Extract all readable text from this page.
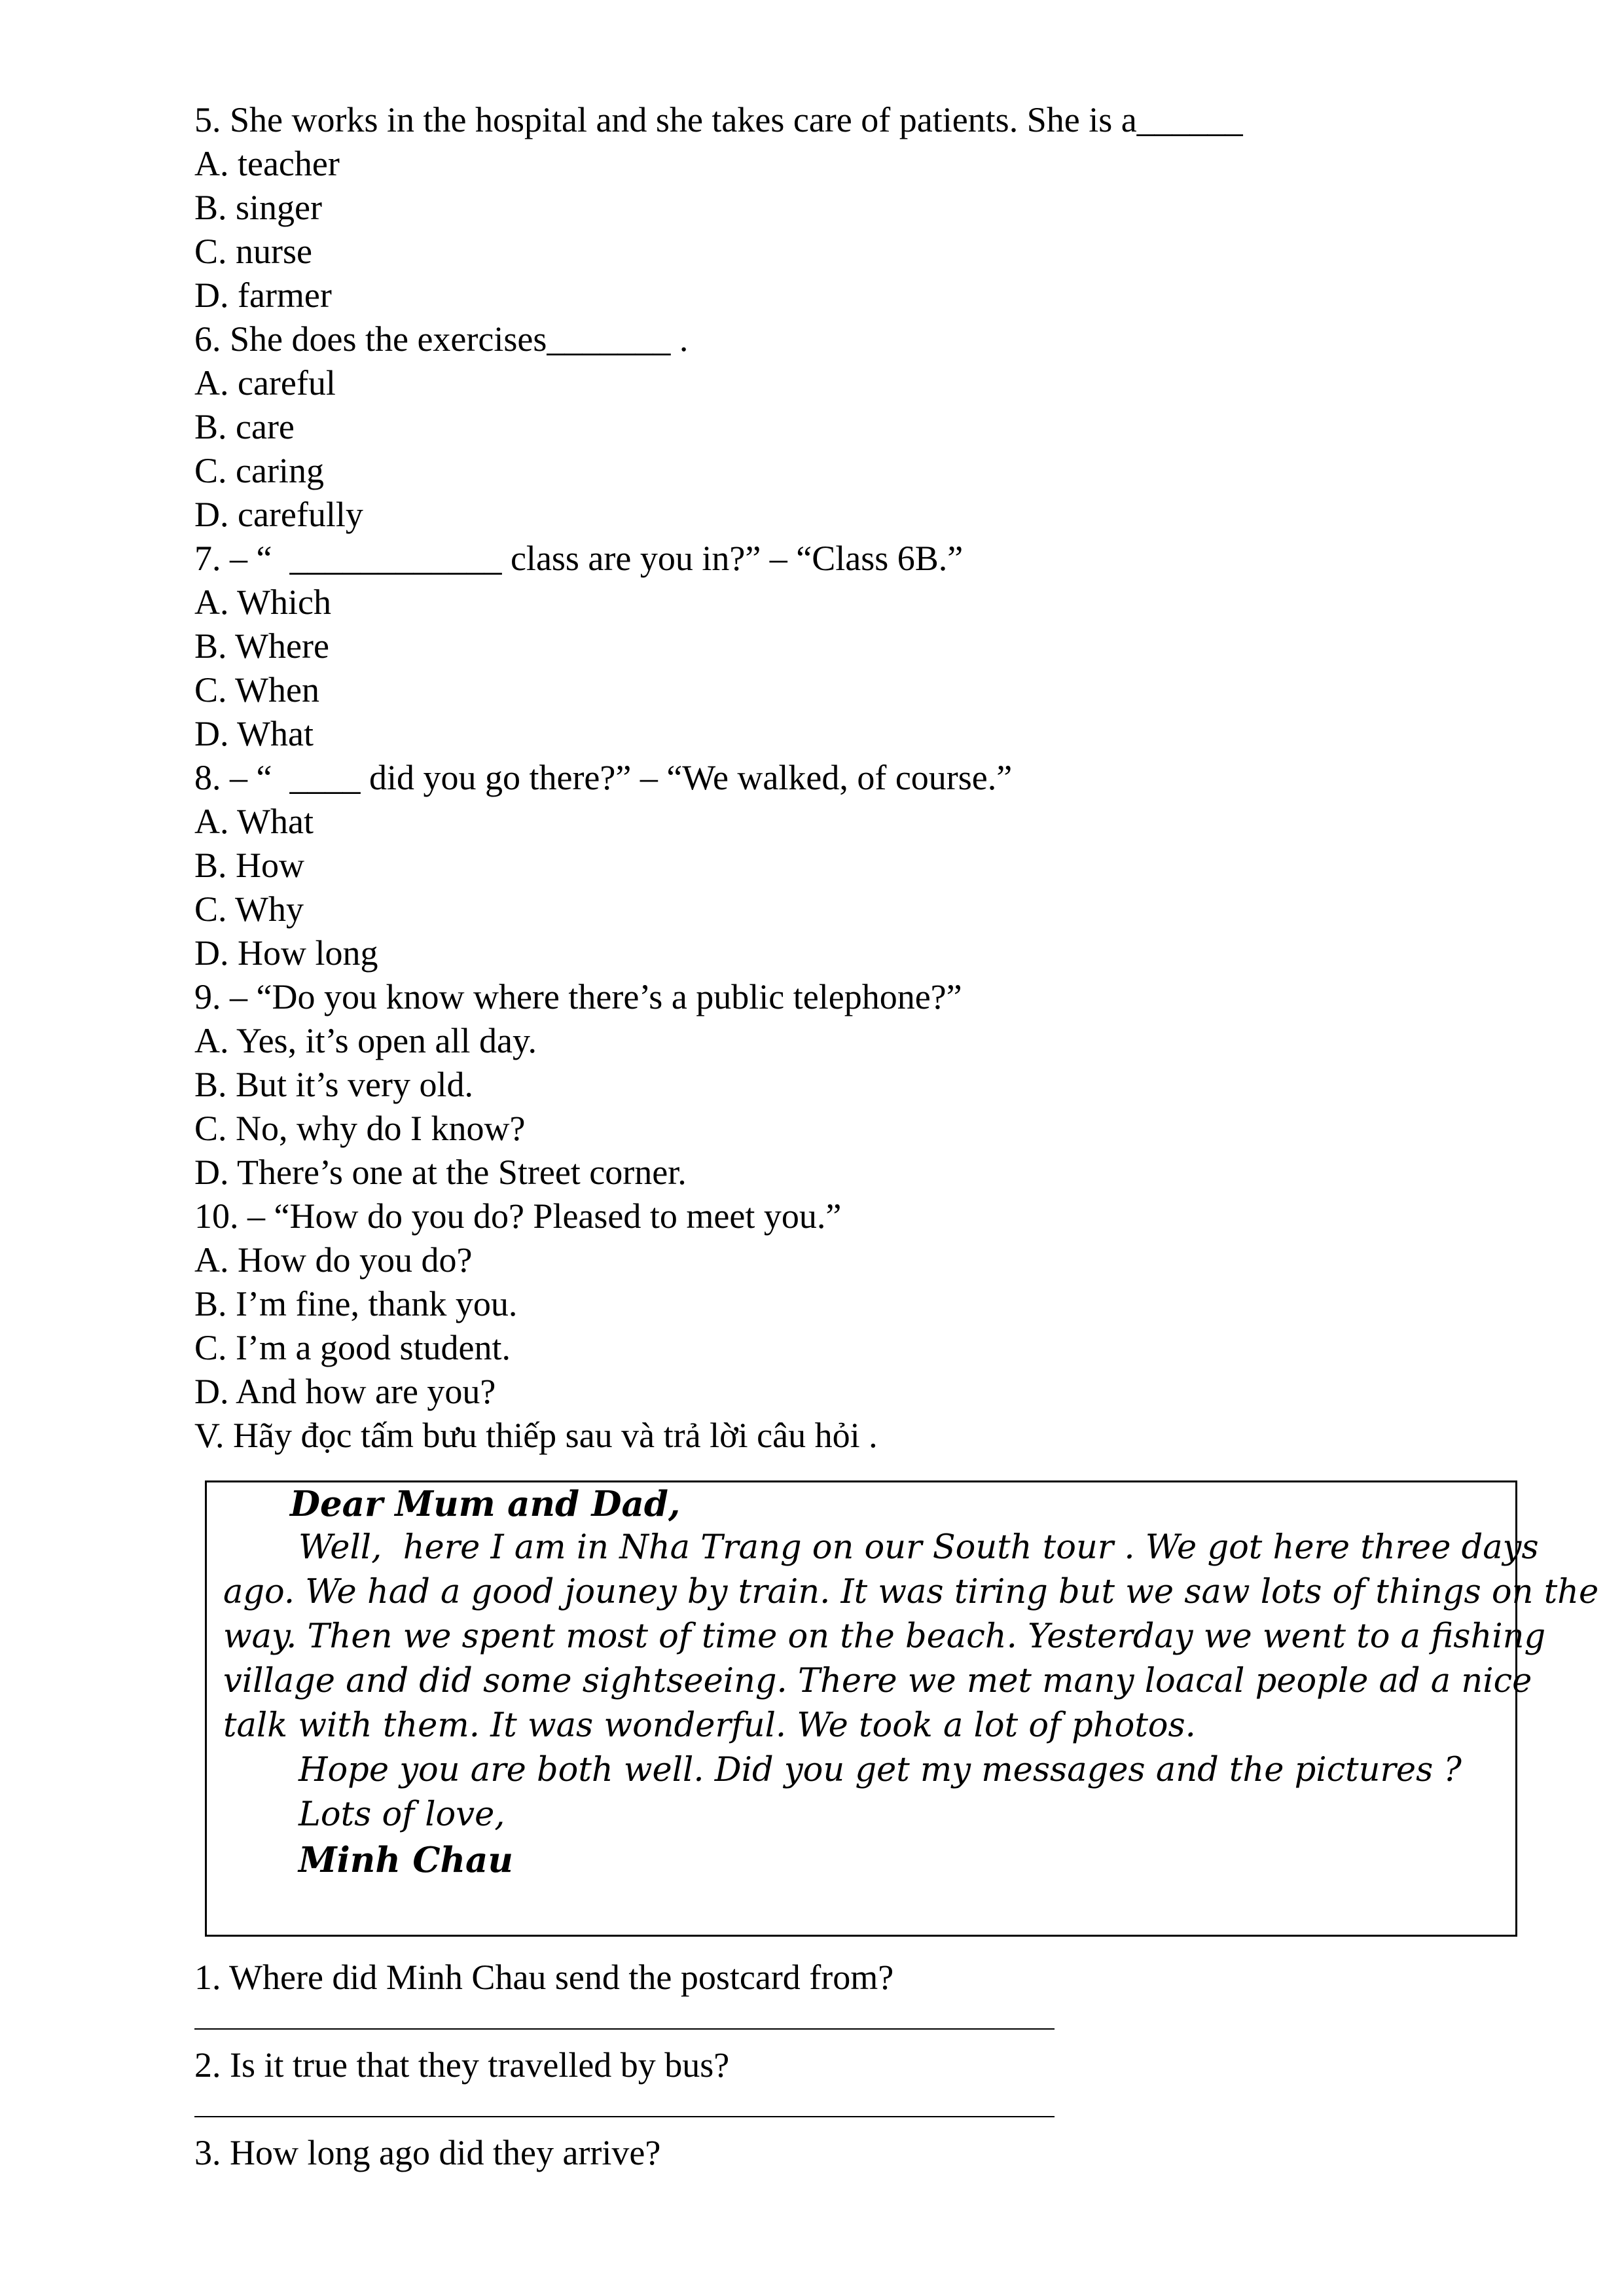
5. She works in the hospital and she takes care of patients. She is a______
A. teacher
B. singer
C. nurse
D. farmer
6. She does the exercises_______ .
A. careful
B. care
C. caring
D. carefully
7. – “  ____________ class are you in?” – “Class 6B.”
A. Which
B. Where
C. When
D. What
8. – “  ____ did you go there?” – “We walked, of course.”
A. What
B. How
C. Why
D. How long
9. – “Do you know where there’s a public telephone?”
A. Yes, it’s open all day.
B. But it’s very old.
C. No, why do I know?
D. There’s one at the Street corner.
10. – “How do you do? Pleased to meet you.”
A. How do you do?
B. I’m fine, thank you.
C. I’m a good student.
D. And how are you?
V. Hãy đọc tấm bưu thiếp sau và trả lời câu hỏi .
Dear Mum and Dad,
Well,  here I am in Nha Trang on our South tour . We got here three days
ago. We had a good jouney by train. It was tiring but we saw lots of things on the
way. Then we spent most of time on the beach. Yesterday we went to a fishing
village and did some sightseeing. There we met many loacal people ad a nice
talk with them. It was wonderful. We took a lot of photos.
Hope you are both well. Did you get my messages and the pictures ?
Lots of love,
Minh Chau
1. Where did Minh Chau send the postcard from?
2. Is it true that they travelled by bus?
3. How long ago did they arrive?
